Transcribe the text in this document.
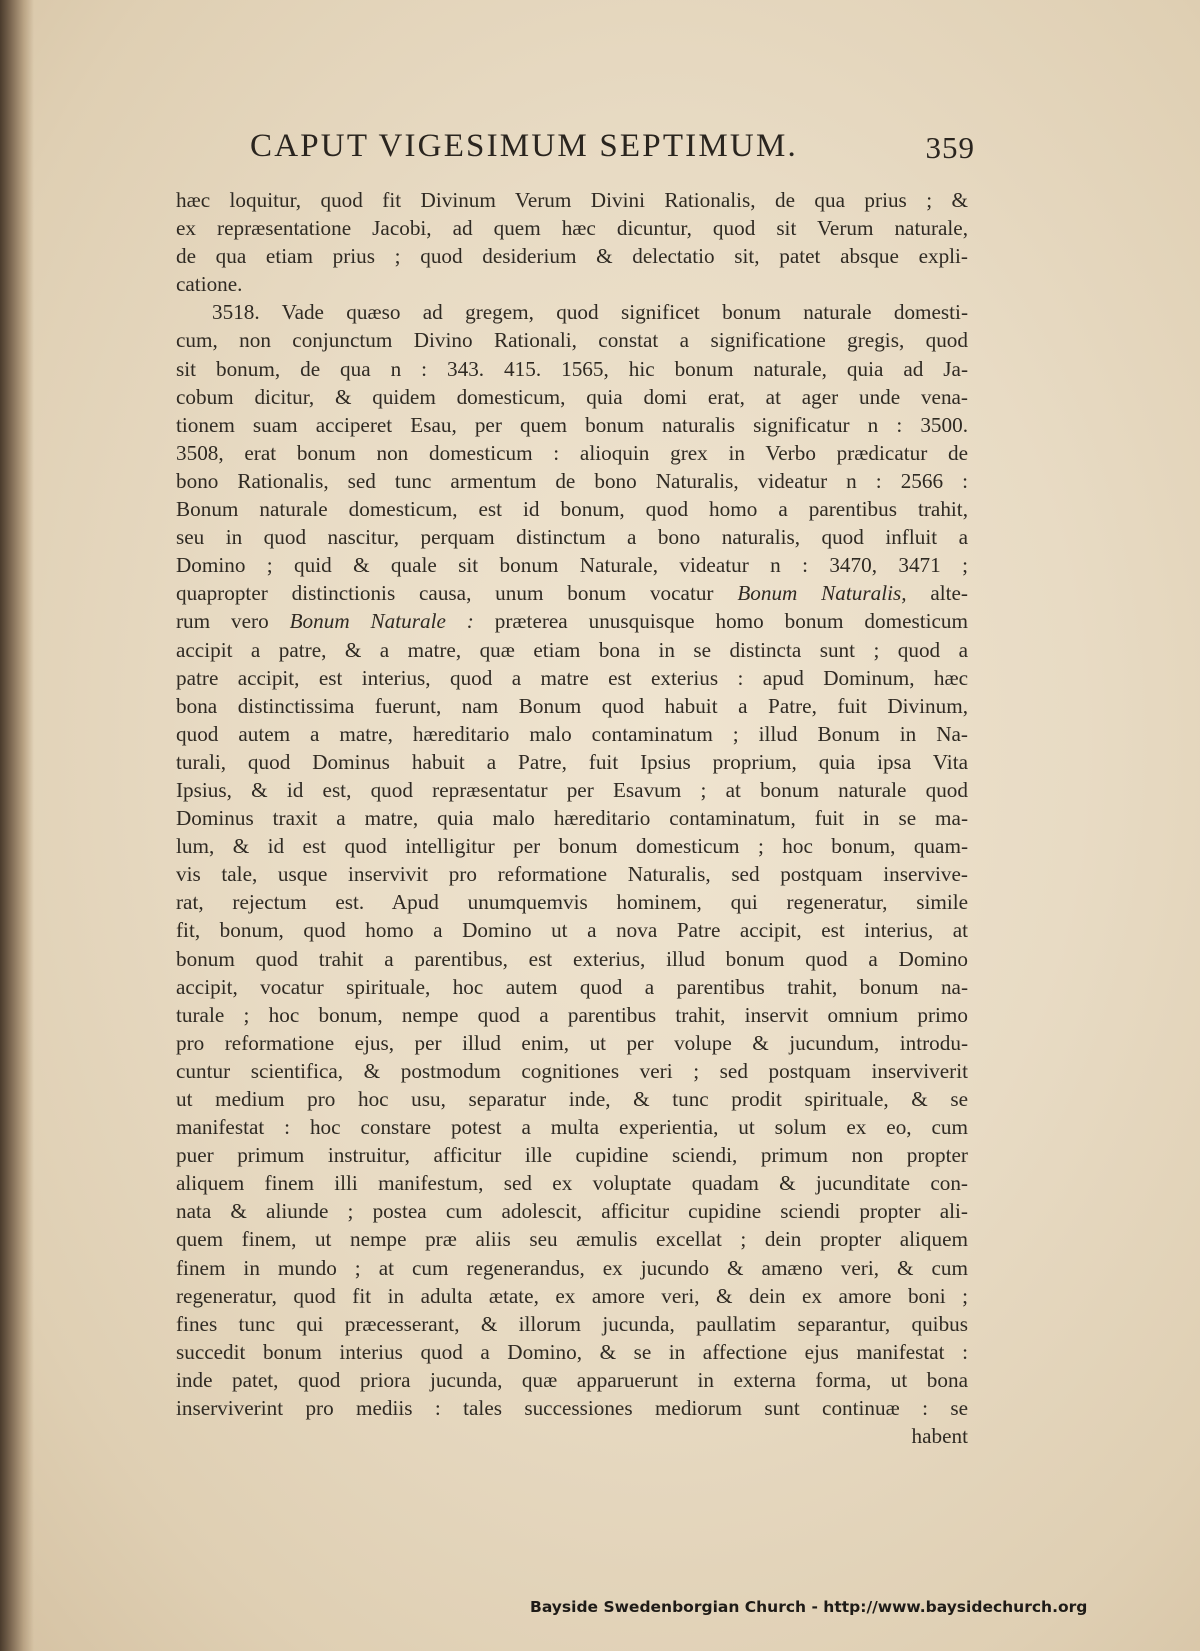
CAPUT VIGESIMUM SEPTIMUM.	359
hæc loquitur, quod fit Divinum Verum Divini Rationalis, de qua prius ; &
ex repræsentatione Jacobi, ad quem hæc dicuntur, quod sit Verum naturale,
de qua etiam prius ; quod desiderium & delectatio sit, patet absque expli-
catione.
3518. Vade quæso ad gregem, quod significet bonum naturale domesti-
cum, non conjunctum Divino Rationali, constat a significatione gregis, quod
sit bonum, de qua n : 343. 415. 1565, hic bonum naturale, quia ad Ja-
cobum dicitur, & quidem domesticum, quia domi erat, at ager unde vena-
tionem suam acciperet Esau, per quem bonum naturalis significatur n : 3500.
3508, erat bonum non domesticum : alioquin grex in Verbo prædicatur de
bono Rationalis, sed tunc armentum de bono Naturalis, videatur n : 2566 :
Bonum naturale domesticum, est id bonum, quod homo a parentibus trahit,
seu in quod nascitur, perquam distinctum a bono naturalis, quod influit a
Domino ; quid & quale sit bonum Naturale, videatur n : 3470, 3471 ;
quapropter distinctionis causa, unum bonum vocatur Bonum Naturalis, alte-
rum vero Bonum Naturale : præterea unusquisque homo bonum domesticum
accipit a patre, & a matre, quæ etiam bona in se distincta sunt ; quod a
patre accipit, est interius, quod a matre est exterius : apud Dominum, hæc
bona distinctissima fuerunt, nam Bonum quod habuit a Patre, fuit Divinum,
quod autem a matre, hæreditario malo contaminatum ; illud Bonum in Na-
turali, quod Dominus habuit a Patre, fuit Ipsius proprium, quia ipsa Vita
Ipsius, & id est, quod repræsentatur per Esavum ; at bonum naturale quod
Dominus traxit a matre, quia malo hæreditario contaminatum, fuit in se ma-
lum, & id est quod intelligitur per bonum domesticum ; hoc bonum, quam-
vis tale, usque inservivit pro reformatione Naturalis, sed postquam inservive-
rat, rejectum est. Apud unumquemvis hominem, qui regeneratur, simile
fit, bonum, quod homo a Domino ut a nova Patre accipit, est interius, at
bonum quod trahit a parentibus, est exterius, illud bonum quod a Domino
accipit, vocatur spirituale, hoc autem quod a parentibus trahit, bonum na-
turale ; hoc bonum, nempe quod a parentibus trahit, inservit omnium primo
pro reformatione ejus, per illud enim, ut per volupe & jucundum, introdu-
cuntur scientifica, & postmodum cognitiones veri ; sed postquam inserviverit
ut medium pro hoc usu, separatur inde, & tunc prodit spirituale, & se
manifestat : hoc constare potest a multa experientia, ut solum ex eo, cum
puer primum instruitur, afficitur ille cupidine sciendi, primum non propter
aliquem finem illi manifestum, sed ex voluptate quadam & jucunditate con-
nata & aliunde ; postea cum adolescit, afficitur cupidine sciendi propter ali-
quem finem, ut nempe præ aliis seu æmulis excellat ; dein propter aliquem
finem in mundo ; at cum regenerandus, ex jucundo & amæno veri, & cum
regeneratur, quod fit in adulta ætate, ex amore veri, & dein ex amore boni ;
fines tunc qui præcesserant, & illorum jucunda, paullatim separantur, quibus
succedit bonum interius quod a Domino, & se in affectione ejus manifestat :
inde patet, quod priora jucunda, quæ apparuerunt in externa forma, ut bona
inserviverint pro mediis : tales successiones mediorum sunt continuæ : se
habent
Bayside Swedenborgian Church - http://www.baysidechurch.org
